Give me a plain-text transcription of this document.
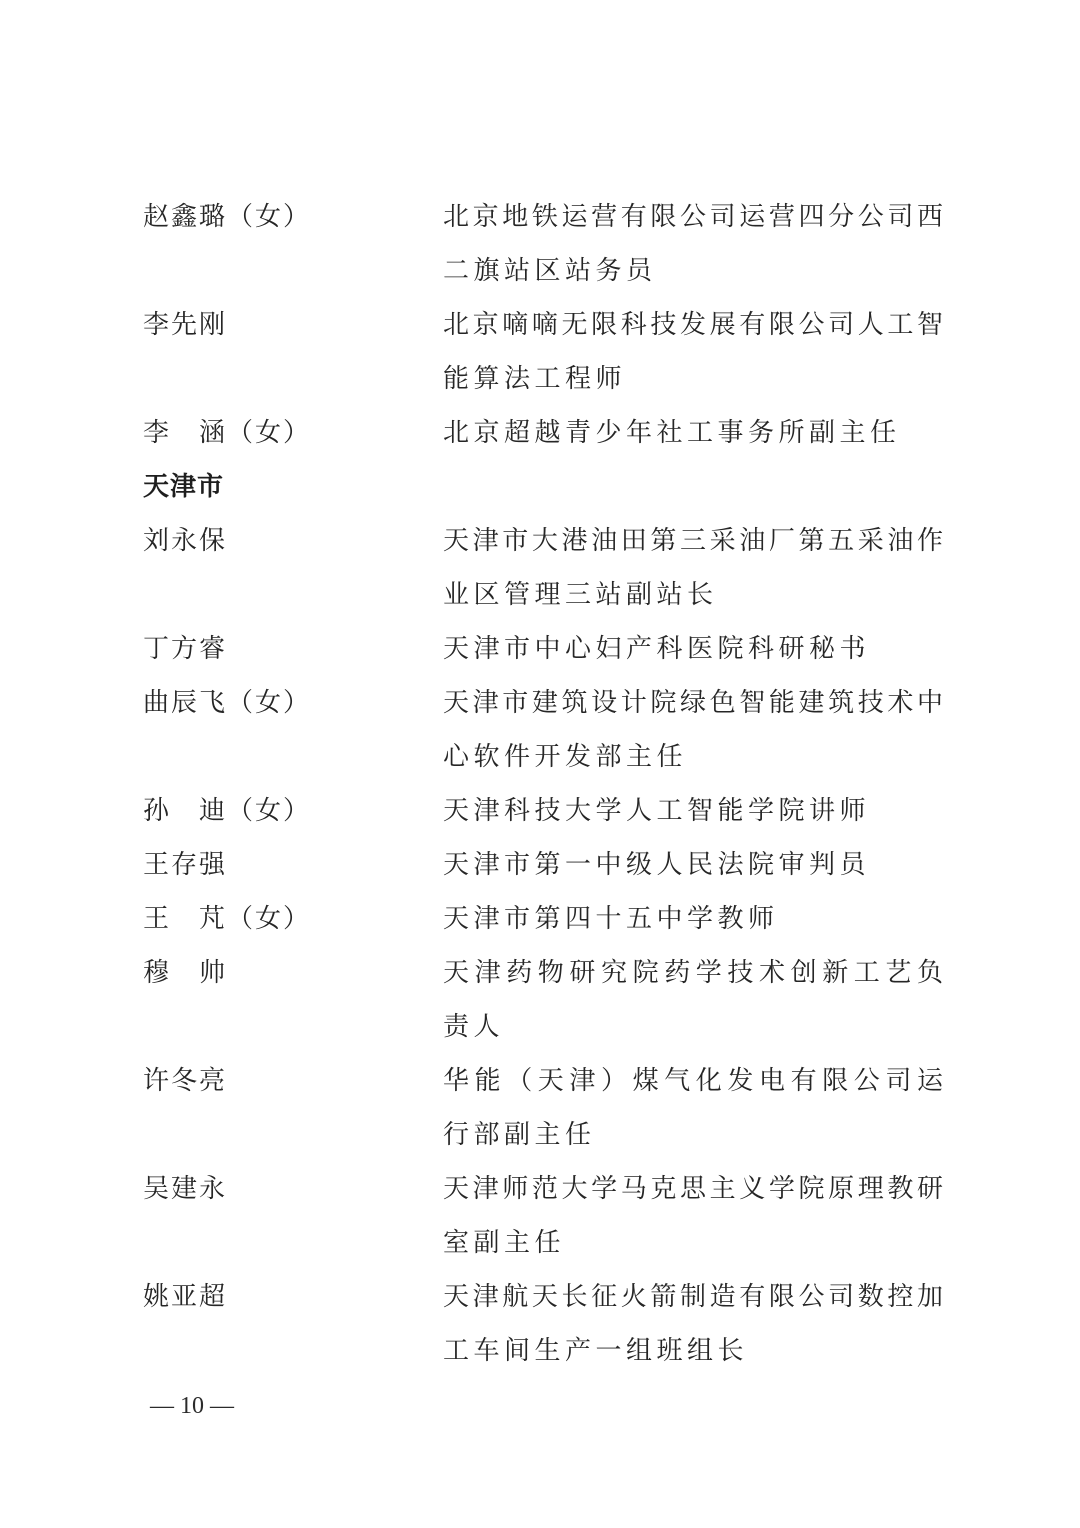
赵鑫璐（女）	北京地铁运营有限公司运营四分公司西
二旗站区站务员
李先刚	北京嘀嘀无限科技发展有限公司人工智
能算法工程师
李　涵（女）	北京超越青少年社工事务所副主任
天津市
刘永保	天津市大港油田第三采油厂第五采油作
业区管理三站副站长
丁方睿	天津市中心妇产科医院科研秘书
曲辰飞（女）	天津市建筑设计院绿色智能建筑技术中
心软件开发部主任
孙　迪（女）	天津科技大学人工智能学院讲师
王存强	天津市第一中级人民法院审判员
王　芃（女）	天津市第四十五中学教师
穆　帅	天津药物研究院药学技术创新工艺负
责人
许冬亮	华能（天津）煤气化发电有限公司运
行部副主任
吴建永	天津师范大学马克思主义学院原理教研
室副主任
姚亚超	天津航天长征火箭制造有限公司数控加
工车间生产一组班组长
— 10 —
